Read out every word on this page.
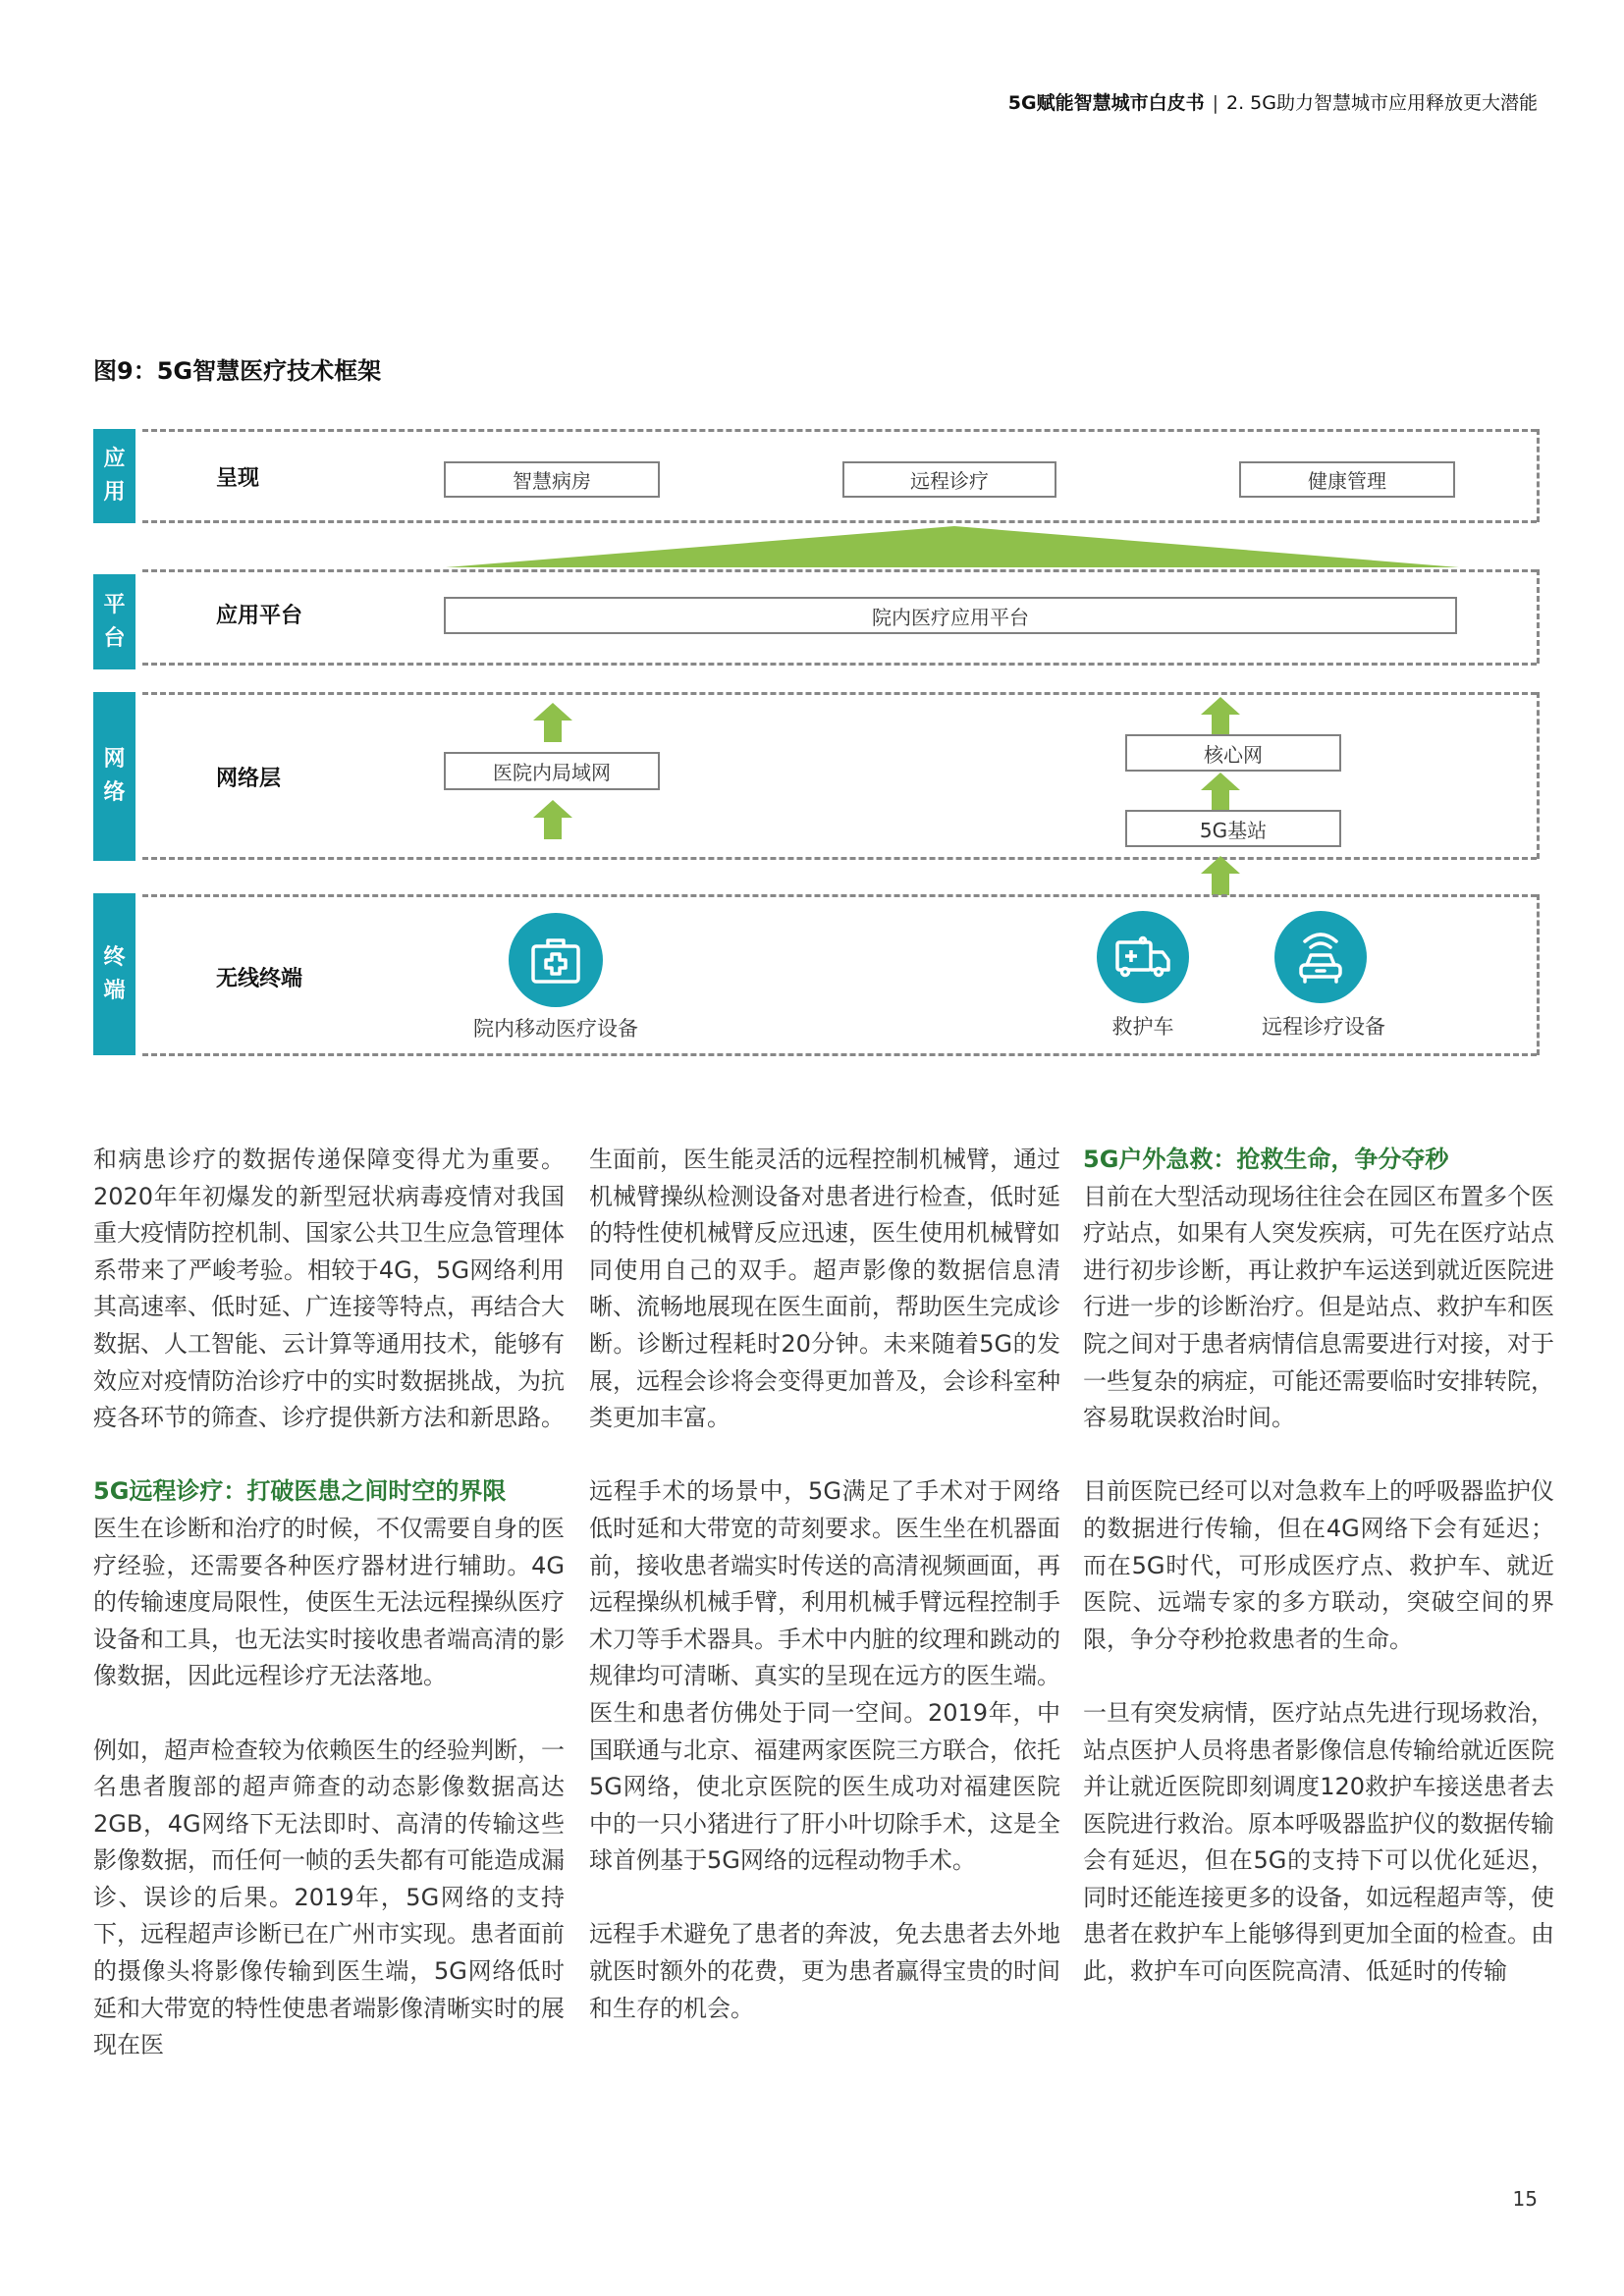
5G赋能智慧城市白皮书 | 2. 5G助力智慧城市应用释放更大潜能
图9：5G智慧医疗技术框架
应
用
呈现	智慧病房	远程诊疗	健康管理
平
台
应用平台	院内医疗应用平台
网
络
网络层	医院内局域网
核心网
5G基站
终
端	无线终端
院内移动医疗设备	救护车	远程诊疗设备

和病患诊疗的数据传递保障变得尤为重要。2020年年初爆发的新型冠状病毒疫情对我国重大疫情防控机制、国家公共卫生应急管理体系带来了严峻考验。相较于4G，5G网络利用其高速率、低时延、广连接等特点，再结合大数据、人工智能、云计算等通用技术，能够有效应对疫情防治诊疗中的实时数据挑战，为抗疫各环节的筛查、诊疗提供新方法和新思路。

5G远程诊疗：打破医患之间时空的界限

医生在诊断和治疗的时候，不仅需要自身的医疗经验，还需要各种医疗器材进行辅助。4G的传输速度局限性，使医生无法远程操纵医疗设备和工具，也无法实时接收患者端高清的影像数据，因此远程诊疗无法落地。

例如，超声检查较为依赖医生的经验判断，一名患者腹部的超声筛查的动态影像数据高达2GB，4G网络下无法即时、高清的传输这些影像数据，而任何一帧的丢失都有可能造成漏诊、误诊的后果。2019年，5G网络的支持下，远程超声诊断已在广州市实现。患者面前的摄像头将影像传输到医生端，5G网络低时延和大带宽的特性使患者端影像清晰实时的展现在医

生面前，医生能灵活的远程控制机械臂，通过机械臂操纵检测设备对患者进行检查，低时延的特性使机械臂反应迅速，医生使用机械臂如同使用自己的双手。超声影像的数据信息清晰、流畅地展现在医生面前，帮助医生完成诊断。诊断过程耗时20分钟。未来随着5G的发展，远程会诊将会变得更加普及，会诊科室种类更加丰富。

远程手术的场景中，5G满足了手术对于网络低时延和大带宽的苛刻要求。医生坐在机器面前，接收患者端实时传送的高清视频画面，再远程操纵机械手臂，利用机械手臂远程控制手术刀等手术器具。手术中内脏的纹理和跳动的规律均可清晰、真实的呈现在远方的医生端。医生和患者仿佛处于同一空间。2019年，中国联通与北京、福建两家医院三方联合，依托5G网络，使北京医院的医生成功对福建医院中的一只小猪进行了肝小叶切除手术，这是全球首例基于5G网络的远程动物手术。

远程手术避免了患者的奔波，免去患者去外地就医时额外的花费，更为患者赢得宝贵的时间和生存的机会。

5G户外急救：抢救生命，争分夺秒

目前在大型活动现场往往会在园区布置多个医疗站点，如果有人突发疾病，可先在医疗站点进行初步诊断，再让救护车运送到就近医院进行进一步的诊断治疗。但是站点、救护车和医院之间对于患者病情信息需要进行对接，对于一些复杂的病症，可能还需要临时安排转院，容易耽误救治时间。

目前医院已经可以对急救车上的呼吸器监护仪的数据进行传输，但在4G网络下会有延迟；而在5G时代，可形成医疗点、救护车、就近医院、远端专家的多方联动，突破空间的界限，争分夺秒抢救患者的生命。

一旦有突发病情，医疗站点先进行现场救治，站点医护人员将患者影像信息传输给就近医院并让就近医院即刻调度120救护车接送患者去医院进行救治。原本呼吸器监护仪的数据传输会有延迟，但在5G的支持下可以优化延迟，同时还能连接更多的设备，如远程超声等，使患者在救护车上能够得到更加全面的检查。由此，救护车可向医院高清、低延时的传输

15
